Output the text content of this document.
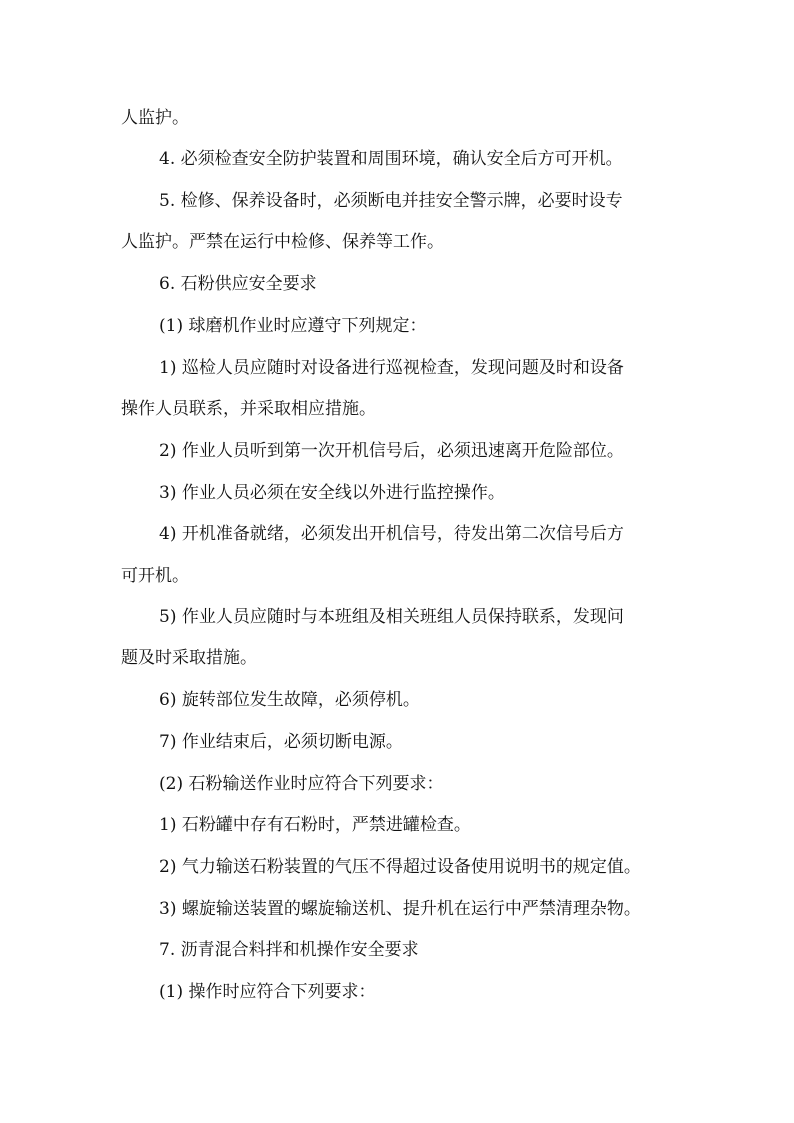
人监护。
4. 必须检查安全防护装置和周围环境，确认安全后方可开机。
5. 检修、保养设备时，必须断电并挂安全警示牌，必要时设专
人监护。严禁在运行中检修、保养等工作。
6. 石粉供应安全要求
(1) 球磨机作业时应遵守下列规定：
1) 巡检人员应随时对设备进行巡视检查，发现问题及时和设备
操作人员联系，并采取相应措施。
2) 作业人员听到第一次开机信号后，必须迅速离开危险部位。
3) 作业人员必须在安全线以外进行监控操作。
4) 开机准备就绪，必须发出开机信号，待发出第二次信号后方
可开机。
5) 作业人员应随时与本班组及相关班组人员保持联系，发现问
题及时采取措施。
6) 旋转部位发生故障，必须停机。
7) 作业结束后，必须切断电源。
(2) 石粉输送作业时应符合下列要求：
1) 石粉罐中存有石粉时，严禁进罐检查。
2) 气力输送石粉装置的气压不得超过设备使用说明书的规定值。
3) 螺旋输送装置的螺旋输送机、提升机在运行中严禁清理杂物。
7. 沥青混合料拌和机操作安全要求
(1) 操作时应符合下列要求：
